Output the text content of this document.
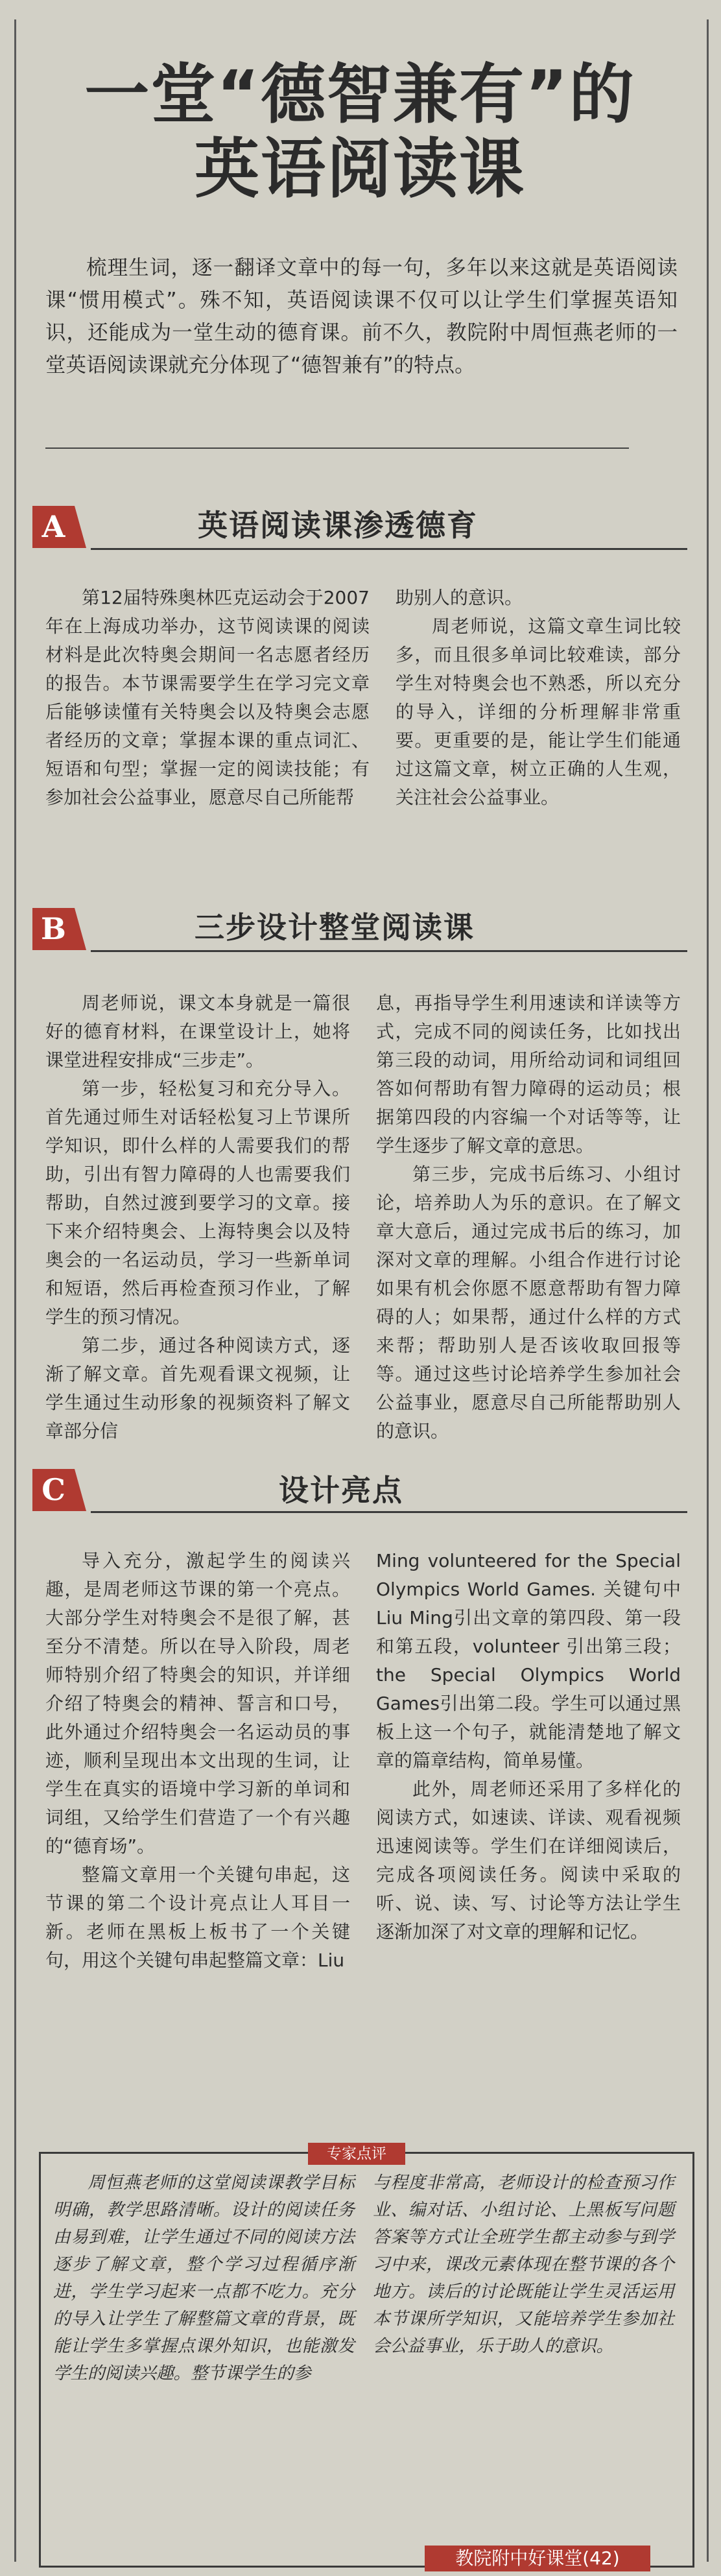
一堂“德智兼有”的
英语阅读课

梳理生词，逐一翻译文章中的每一句，多年以来这就是英语阅读课“惯用模式”。殊不知，英语阅读课不仅可以让学生们掌握英语知识，还能成为一堂生动的德育课。前不久，教院附中周恒燕老师的一堂英语阅读课就充分体现了“德智兼有”的特点。

A	英语阅读课渗透德育

第12届特殊奥林匹克运动会于2007年在上海成功举办，这节阅读课的阅读材料是此次特奥会期间一名志愿者经历的报告。本节课需要学生在学习完文章后能够读懂有关特奥会以及特奥会志愿者经历的文章；掌握本课的重点词汇、短语和句型；掌握一定的阅读技能；有参加社会公益事业，愿意尽自己所能帮

助别人的意识。

周老师说，这篇文章生词比较多，而且很多单词比较难读，部分学生对特奥会也不熟悉，所以充分的导入，详细的分析理解非常重要。更重要的是，能让学生们能通过这篇文章，树立正确的人生观，关注社会公益事业。

B	三步设计整堂阅读课

周老师说，课文本身就是一篇很好的德育材料，在课堂设计上，她将课堂进程安排成“三步走”。

第一步，轻松复习和充分导入。首先通过师生对话轻松复习上节课所学知识，即什么样的人需要我们的帮助，引出有智力障碍的人也需要我们帮助，自然过渡到要学习的文章。接下来介绍特奥会、上海特奥会以及特奥会的一名运动员，学习一些新单词和短语，然后再检查预习作业，了解学生的预习情况。

第二步，通过各种阅读方式，逐渐了解文章。首先观看课文视频，让学生通过生动形象的视频资料了解文章部分信

息，再指导学生利用速读和详读等方式，完成不同的阅读任务，比如找出第三段的动词，用所给动词和词组回答如何帮助有智力障碍的运动员；根据第四段的内容编一个对话等等，让学生逐步了解文章的意思。

第三步，完成书后练习、小组讨论，培养助人为乐的意识。在了解文章大意后，通过完成书后的练习，加深对文章的理解。小组合作进行讨论如果有机会你愿不愿意帮助有智力障碍的人；如果帮，通过什么样的方式来帮；帮助别人是否该收取回报等等。通过这些讨论培养学生参加社会公益事业，愿意尽自己所能帮助别人的意识。

C	设计亮点

导入充分，激起学生的阅读兴趣，是周老师这节课的第一个亮点。大部分学生对特奥会不是很了解，甚至分不清楚。所以在导入阶段，周老师特别介绍了特奥会的知识，并详细介绍了特奥会的精神、誓言和口号，此外通过介绍特奥会一名运动员的事迹，顺利呈现出本文出现的生词，让学生在真实的语境中学习新的单词和词组，又给学生们营造了一个有兴趣的“德育场”。

整篇文章用一个关键句串起，这节课的第二个设计亮点让人耳目一新。老师在黑板上板书了一个关键句，用这个关键句串起整篇文章：Liu

Ming volunteered for the Special Olympics World Games. 关键句中Liu Ming引出文章的第四段、第一段和第五段，volunteer 引出第三段；the Special Olympics World Games引出第二段。学生可以通过黑板上这一个句子，就能清楚地了解文章的篇章结构，简单易懂。

此外，周老师还采用了多样化的阅读方式，如速读、详读、观看视频迅速阅读等。学生们在详细阅读后，完成各项阅读任务。阅读中采取的听、说、读、写、讨论等方法让学生逐渐加深了对文章的理解和记忆。

专家点评

周恒燕老师的这堂阅读课教学目标明确，教学思路清晰。设计的阅读任务由易到难，让学生通过不同的阅读方法逐步了解文章，整个学习过程循序渐进，学生学习起来一点都不吃力。充分的导入让学生了解整篇文章的背景，既能让学生多掌握点课外知识，也能激发学生的阅读兴趣。整节课学生的参

与程度非常高，老师设计的检查预习作业、编对话、小组讨论、上黑板写问题答案等方式让全班学生都主动参与到学习中来，课改元素体现在整节课的各个地方。读后的讨论既能让学生灵活运用本节课所学知识，又能培养学生参加社会公益事业，乐于助人的意识。

教院附中好课堂(42)
